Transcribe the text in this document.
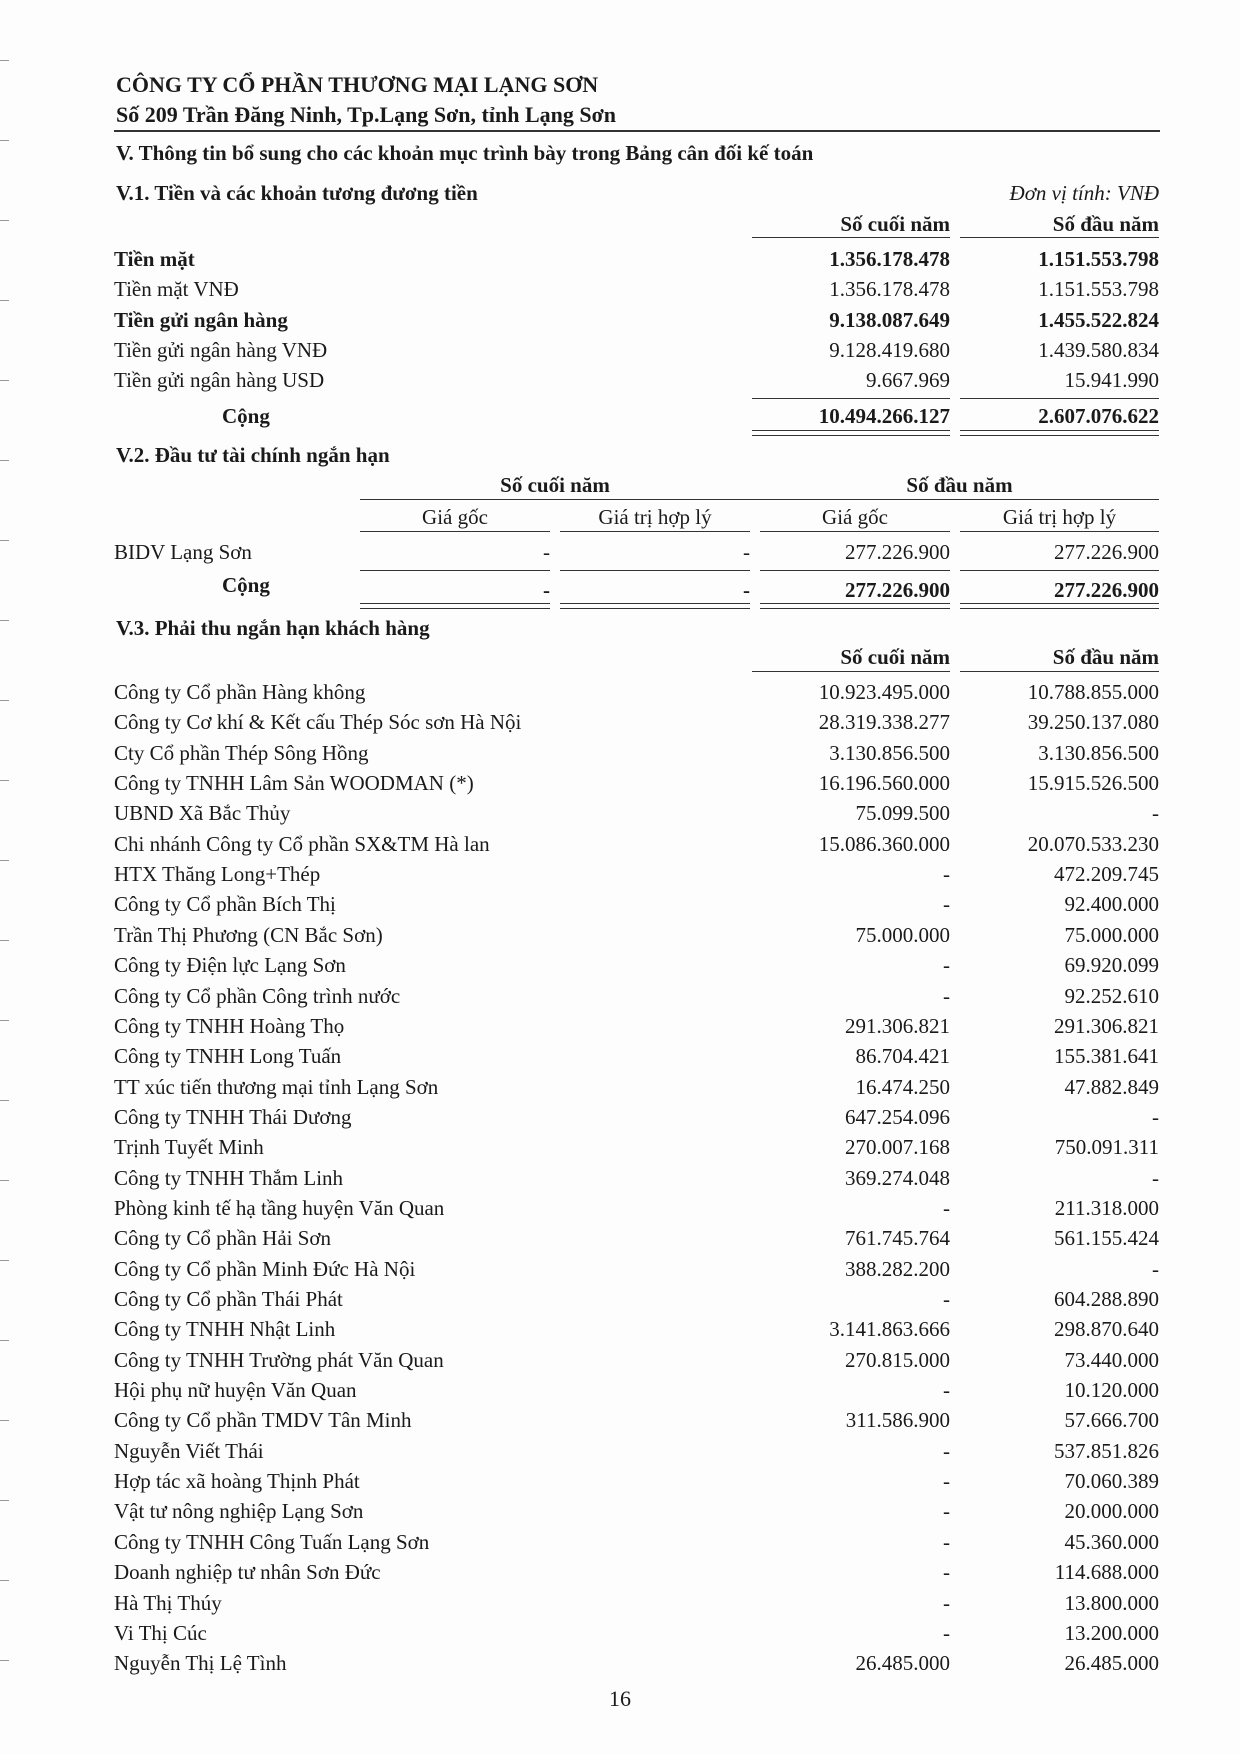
CÔNG TY CỔ PHẦN THƯƠNG MẠI LẠNG SƠN
Số 209 Trần Đăng Ninh, Tp.Lạng Sơn, tỉnh Lạng Sơn
V. Thông tin bổ sung cho các khoản mục trình bày trong Bảng cân đối kế toán
V.1. Tiền và các khoản tương đương tiền	Đơn vị tính: VNĐ
Số cuối năm	Số đầu năm
Tiền mặt	1.356.178.478	1.151.553.798
Tiền mặt VNĐ	1.356.178.478	1.151.553.798
Tiền gửi ngân hàng	9.138.087.649	1.455.522.824
Tiền gửi ngân hàng VNĐ	9.128.419.680	1.439.580.834
Tiền gửi ngân hàng USD	9.667.969	15.941.990
Cộng	10.494.266.127	2.607.076.622
V.2. Đầu tư tài chính ngắn hạn
Số cuối năm	Số đầu năm
Giá gốc	Giá trị hợp lý	Giá gốc	Giá trị hợp lý
BIDV Lạng Sơn	-	-	277.226.900	277.226.900
Cộng	-	-	277.226.900	277.226.900
V.3. Phải thu ngắn hạn khách hàng
Số cuối năm	Số đầu năm
Công ty Cổ phần Hàng không	10.923.495.000	10.788.855.000
Công ty Cơ khí & Kết cấu Thép Sóc sơn Hà Nội	28.319.338.277	39.250.137.080
Cty Cổ phần Thép Sông Hồng	3.130.856.500	3.130.856.500
Công ty TNHH Lâm Sản WOODMAN (*)	16.196.560.000	15.915.526.500
UBND Xã Bắc Thủy	75.099.500	-
Chi nhánh Công ty Cổ phần SX&TM Hà lan	15.086.360.000	20.070.533.230
HTX Thăng Long+Thép	-	472.209.745
Công ty Cổ phần Bích Thị	-	92.400.000
Trần Thị Phương (CN Bắc Sơn)	75.000.000	75.000.000
Công ty Điện lực Lạng Sơn	-	69.920.099
Công ty Cổ phần Công trình nước	-	92.252.610
Công ty TNHH Hoàng Thọ	291.306.821	291.306.821
Công ty TNHH Long Tuấn	86.704.421	155.381.641
TT xúc tiến thương mại tỉnh Lạng Sơn	16.474.250	47.882.849
Công ty TNHH Thái Dương	647.254.096	-
Trịnh Tuyết Minh	270.007.168	750.091.311
Công ty TNHH Thắm Linh	369.274.048	-
Phòng kinh tế hạ tầng huyện Văn Quan	-	211.318.000
Công ty Cổ phần Hải Sơn	761.745.764	561.155.424
Công ty Cổ phần Minh Đức Hà Nội	388.282.200	-
Công ty Cổ phần Thái Phát	-	604.288.890
Công ty TNHH Nhật Linh	3.141.863.666	298.870.640
Công ty TNHH Trường phát Văn Quan	270.815.000	73.440.000
Hội phụ nữ huyện Văn Quan	-	10.120.000
Công ty Cổ phần TMDV Tân Minh	311.586.900	57.666.700
Nguyễn Viết Thái	-	537.851.826
Hợp tác xã hoàng Thịnh Phát	-	70.060.389
Vật tư nông nghiệp Lạng Sơn	-	20.000.000
Công ty TNHH Công Tuấn Lạng Sơn	-	45.360.000
Doanh nghiệp tư nhân Sơn Đức	-	114.688.000
Hà Thị Thúy	-	13.800.000
Vi Thị Cúc	-	13.200.000
Nguyễn Thị Lệ Tình	26.485.000	26.485.000
16
